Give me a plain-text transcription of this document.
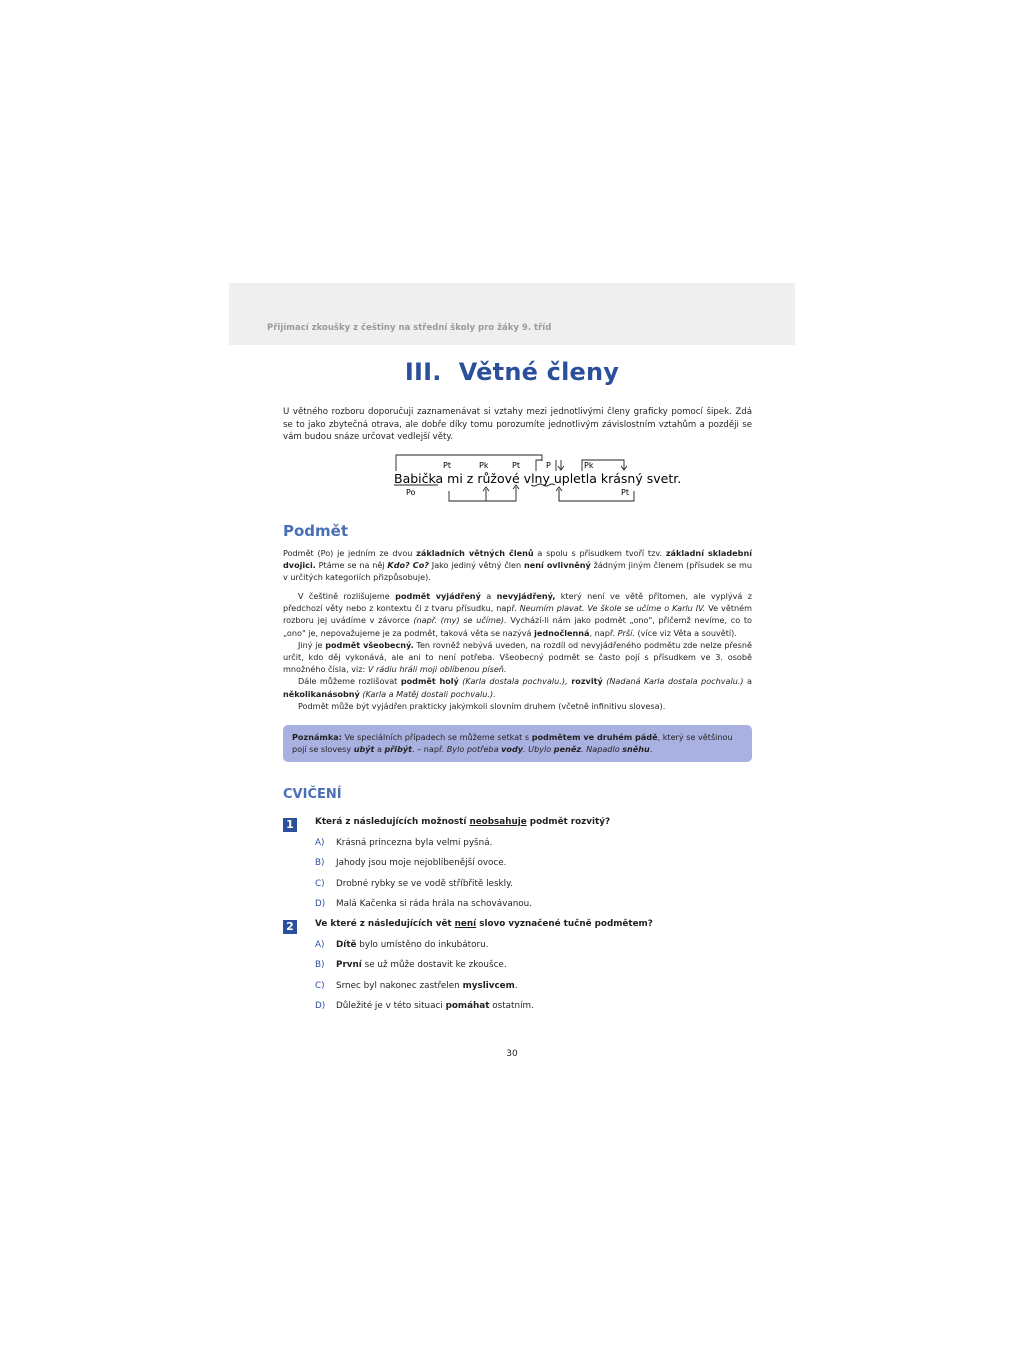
Přijímací zkoušky z češtiny na střední školy pro žáky 9. tříd
III. Větné členy

U větného rozboru doporučuji zaznamenávat si vztahy mezi jednotlivými členy graficky pomocí šipek. Zdá se to jako zbytečná otrava, ale dobře díky tomu porozumíte jednotlivým závislostním vztahům a později se vám budou snáze určovat vedlejší věty.

Pt	Pk	Pt	P	Pk
Babička mi z růžové vlny upletla krásný svetr.
Po	Pt
Podmět

Podmět (Po) je jedním ze dvou základních větných členů a spolu s přísudkem tvoří tzv. základní skladební dvojici. Ptáme se na něj Kdo? Co? Jako jediný větný člen není ovlivněný žádným jiným členem (přísudek se mu v určitých kategoriích přizpůsobuje).

V češtině rozlišujeme podmět vyjádřený a nevyjádřený, který není ve větě přítomen, ale vyplývá z předchozí věty nebo z kontextu či z tvaru přísudku, např. Neumím plavat. Ve škole se učíme o Karlu IV. Ve větném rozboru jej uvádíme v závorce (např. (my) se učíme). Vychází-li nám jako podmět „ono", přičemž nevíme, co to „ono" je, nepovažujeme je za podmět, taková věta se nazývá jednočlenná, např. Prší. (více viz Věta a souvětí).

Jiný je podmět všeobecný. Ten rovněž nebývá uveden, na rozdíl od nevyjádřeného podmětu zde nelze přesně určit, kdo děj vykonává, ale ani to není potřeba. Všeobecný podmět se často pojí s přísudkem ve 3. osobě množného čísla, viz: V rádiu hráli moji oblíbenou píseň.

Dále můžeme rozlišovat podmět holý (Karla dostala pochvalu.), rozvitý (Nadaná Karla dostala pochvalu.) a několikanásobný (Karla a Matěj dostali pochvalu.).

Podmět může být vyjádřen prakticky jakýmkoli slovním druhem (včetně infinitivu slovesa).

Poznámka: Ve speciálních případech se můžeme setkat s podmětem ve druhém pádě, který se většinou pojí se slovesy ubýt a přibýt. – např. Bylo potřeba vody. Ubylo peněz. Napadlo sněhu.
CVIČENÍ
1	Která z následujících možností neobsahuje podmět rozvitý?
A) Krásná princezna byla velmi pyšná.
B) Jahody jsou moje nejoblíbenější ovoce.
C) Drobné rybky se ve vodě stříbřitě leskly.
D) Malá Kačenka si ráda hrála na schovávanou.
2	Ve které z následujících vět není slovo vyznačené tučně podmětem?
A) Dítě bylo umístěno do inkubátoru.
B) První se už může dostavit ke zkoušce.
C) Srnec byl nakonec zastřelen myslivcem.
D) Důležité je v této situaci pomáhat ostatním.
30
